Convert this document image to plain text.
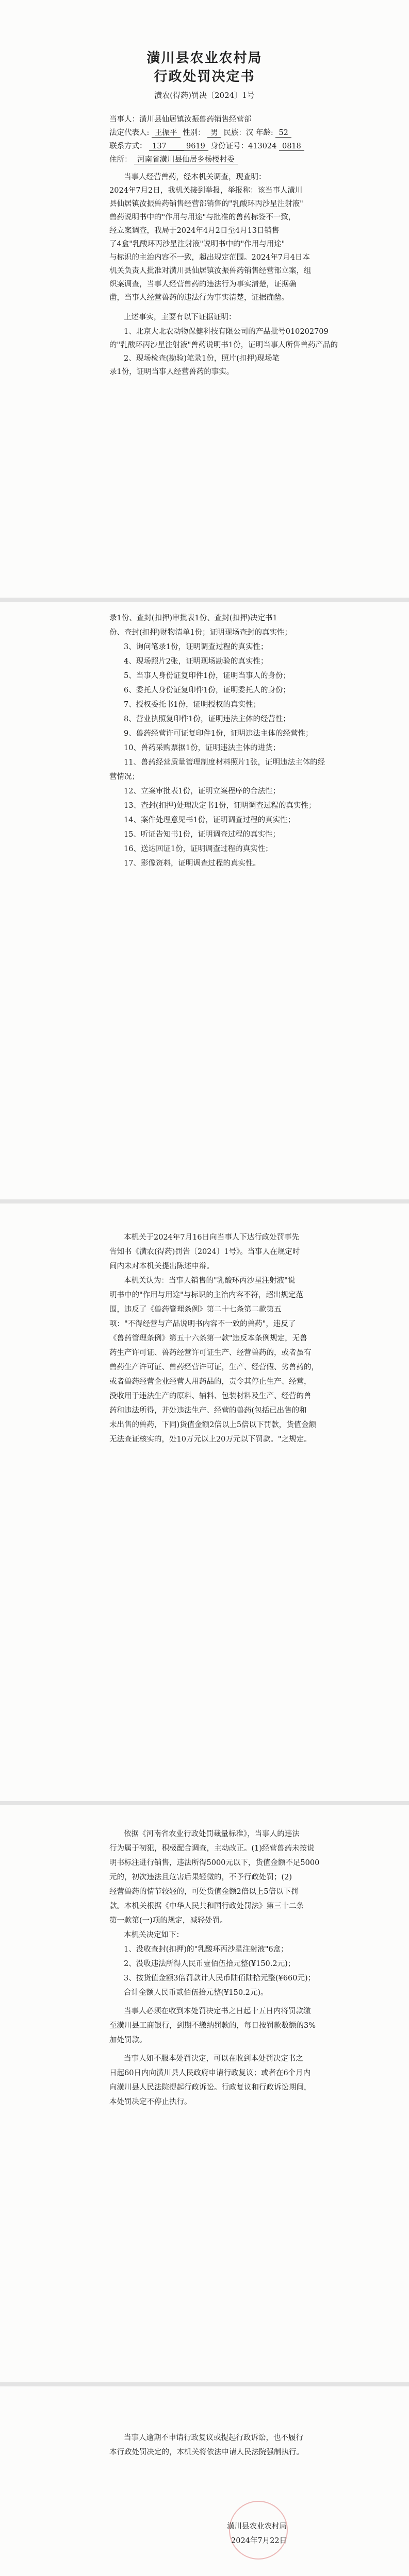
潢川县农业农村局
行政处罚决定书
潢农(得药)罚决〔2024〕1号
当事人：潢川县仙居镇汝振兽药销售经营部
法定代表人: 王振平 性别： 男 民族：汉 年龄: 52
联系方式： 137 ____ 9619 身份证号：413024 0818
住所： 河南省潢川县仙居乡杨楼村委
当事人经营兽药，经本机关调查，现查明：
2024年7月2日，我机关接到举报，举报称：该当事人潢川
县仙居镇汝振兽药销售经营部销售的"乳酸环丙沙星注射液"
兽药说明书中的"作用与用途"与批准的兽药标签不一致，
经立案调查，我局于2024年4月2日至4月13日销售
了4盒"乳酸环丙沙星注射液"说明书中的"作用与用途"
与标识的主治内容不一致，超出规定范围。2024年7月4日本
机关负责人批准对潢川县仙居镇汝振兽药销售经营部立案，组
织案调查，当事人经营兽药的违法行为事实清楚，证据确
凿，当事人经营兽药的违法行为事实清楚，证据确凿。
上述事实，主要有以下证据证明：
1、北京大北农动物保健科技有限公司的产品批号010202709
的"乳酸环丙沙星注射液"兽药说明书1份，证明当事人所售兽药产品的
2、现场检查(勘验)笔录1份，照片(扣押)现场笔
录1份，证明当事人经营兽药的事实。
录1份、查封(扣押)审批表1份、查封(扣押)决定书1
份、查封(扣押)财物清单1份；证明现场查封的真实性；
3、询问笔录1份，证明调查过程的真实性；
4、现场照片2张，证明现场勘验的真实性；
5、当事人身份证复印件1份，证明当事人的身份；
6、委托人身份证复印件1份，证明委托人的身份；
7、授权委托书1份，证明授权的真实性；
8、营业执照复印件1份，证明违法主体的经营性；
9、兽药经营许可证复印件1份，证明违法主体的经营性；
10、兽药采购票据1份，证明违法主体的进货；
11、兽药经营质量管理制度材料照片1张，证明违法主体的经
营情况；
12、立案审批表1份，证明立案程序的合法性；
13、查封(扣押)处理决定书1份，证明调查过程的真实性；
14、案件处理意见书1份，证明调查过程的真实性；
15、听证告知书1份，证明调查过程的真实性；
16、送达回证1份，证明调查过程的真实性；
17、影像资料，证明调查过程的真实性。
本机关于2024年7月16日向当事人下达行政处罚事先
告知书《潢农(得药)罚告〔2024〕1号》。当事人在规定时
间内未对本机关提出陈述申辩。
本机关认为：当事人销售的"乳酸环丙沙星注射液"说
明书中的"作用与用途"与标识的主治内容不符，超出规定范
围，违反了《兽药管理条例》第二十七条第二款第五
项："不得经营与产品说明书内容不一致的兽药"，违反了
《兽药管理条例》第五十六条第一款"违反本条例规定，无兽
药生产许可证、兽药经营许可证生产、经营兽药的，或者虽有
兽药生产许可证、兽药经营许可证，生产、经营假、劣兽药的，
或者兽药经营企业经营人用药品的，责令其停止生产、经营，
没收用于违法生产的原料、辅料、包装材料及生产、经营的兽
药和违法所得，并处违法生产、经营的兽药(包括已出售的和
未出售的兽药，下同)货值金额2倍以上5倍以下罚款，货值金额
无法查证核实的，处10万元以上20万元以下罚款。"之规定。
依据《河南省农业行政处罚裁量标准》，当事人的违法
行为属于初犯，积极配合调查，主动改正。(1)经营兽药未按说
明书标注进行销售，违法所得5000元以下，货值金额不足5000
元的，初次违法且危害后果轻微的，不予行政处罚；(2)
经营兽药的情节较轻的，可处货值金额2倍以上5倍以下罚
款。本机关根据《中华人民共和国行政处罚法》第三十二条
第一款第(一)项的规定，减轻处罚。
本机关决定如下：
1、没收查封(扣押)的"乳酸环丙沙星注射液"6盒；
2、没收违法所得人民币壹佰伍拾元整(¥150.2元)；
3、按货值金额3倍罚款计人民币陆佰陆拾元整(¥660元)；
合计金额人民币贰佰伍拾元整(¥150.2元)。
当事人必须在收到本处罚决定书之日起十五日内将罚款缴
至潢川县工商银行，到期不缴纳罚款的，每日按罚款数额的3%
加处罚款。
当事人如不服本处罚决定，可以在收到本处罚决定书之
日起60日内向潢川县人民政府申请行政复议；或者在6个月内
向潢川县人民法院提起行政诉讼。行政复议和行政诉讼期间，
本处罚决定不停止执行。
当事人逾期不申请行政复议或提起行政诉讼，也不履行
本行政处罚决定的，本机关将依法申请人民法院强制执行。
潢川县农业农村局
2024年7月22日
